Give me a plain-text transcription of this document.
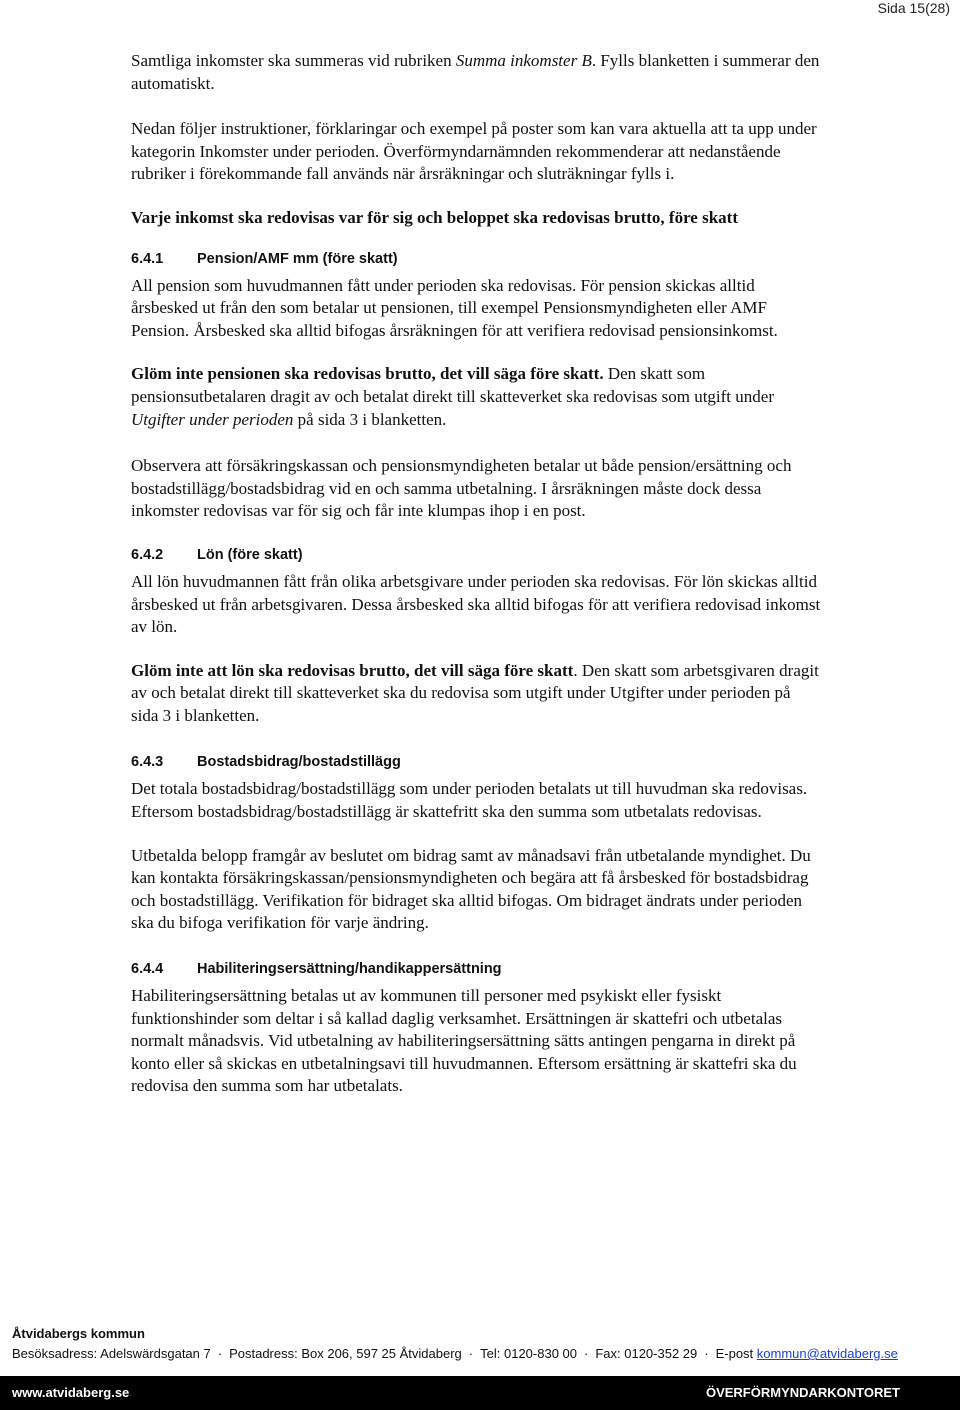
Sida 15(28)

Samtliga inkomster ska summeras vid rubriken Summa inkomster B. Fylls blanketten i summerar den automatiskt.

Nedan följer instruktioner, förklaringar och exempel på poster som kan vara aktuella att ta upp under kategorin Inkomster under perioden. Överförmyndarnämnden rekommenderar att nedanstående rubriker i förekommande fall används när årsräkningar och sluträkningar fylls i.

Varje inkomst ska redovisas var för sig och beloppet ska redovisas brutto, före skatt

6.4.1	Pension/AMF mm (före skatt)

All pension som huvudmannen fått under perioden ska redovisas. För pension skickas alltid årsbesked ut från den som betalar ut pensionen, till exempel Pensionsmyndigheten eller AMF Pension. Årsbesked ska alltid bifogas årsräkningen för att verifiera redovisad pensionsinkomst.

Glöm inte pensionen ska redovisas brutto, det vill säga före skatt. Den skatt som pensionsutbetalaren dragit av och betalat direkt till skatteverket ska redovisas som utgift under Utgifter under perioden på sida 3 i blanketten.

Observera att försäkringskassan och pensionsmyndigheten betalar ut både pension/ersättning och bostadstillägg/bostadsbidrag vid en och samma utbetalning. I årsräkningen måste dock dessa inkomster redovisas var för sig och får inte klumpas ihop i en post.

6.4.2	Lön (före skatt)

All lön huvudmannen fått från olika arbetsgivare under perioden ska redovisas. För lön skickas alltid årsbesked ut från arbetsgivaren. Dessa årsbesked ska alltid bifogas för att verifiera redovisad inkomst av lön.

Glöm inte att lön ska redovisas brutto, det vill säga före skatt. Den skatt som arbetsgivaren dragit av och betalat direkt till skatteverket ska du redovisa som utgift under Utgifter under perioden på sida 3 i blanketten.

6.4.3	Bostadsbidrag/bostadstillägg

Det totala bostadsbidrag/bostadstillägg som under perioden betalats ut till huvudman ska redovisas. Eftersom bostadsbidrag/bostadstillägg är skattefritt ska den summa som utbetalats redovisas.

Utbetalda belopp framgår av beslutet om bidrag samt av månadsavi från utbetalande myndighet. Du kan kontakta försäkringskassan/pensionsmyndigheten och begära att få årsbesked för bostadsbidrag och bostadstillägg. Verifikation för bidraget ska alltid bifogas. Om bidraget ändrats under perioden ska du bifoga verifikation för varje ändring.

6.4.4	Habiliteringsersättning/handikappersättning

Habiliteringsersättning betalas ut av kommunen till personer med psykiskt eller fysiskt funktionshinder som deltar i så kallad daglig verksamhet. Ersättningen är skattefri och utbetalas normalt månadsvis. Vid utbetalning av habiliteringsersättning sätts antingen pengarna in direkt på konto eller så skickas en utbetalningsavi till huvudmannen. Eftersom ersättning är skattefri ska du redovisa den summa som har utbetalats.

Åtvidabergs kommun
Besöksadress: Adelswärdsgatan 7 · Postadress: Box 206, 597 25 Åtvidaberg · Tel: 0120-830 00 · Fax: 0120-352 29 · E-post kommun@atvidaberg.se
www.atvidaberg.se	ÖVERFÖRMYNDARKONTORET
